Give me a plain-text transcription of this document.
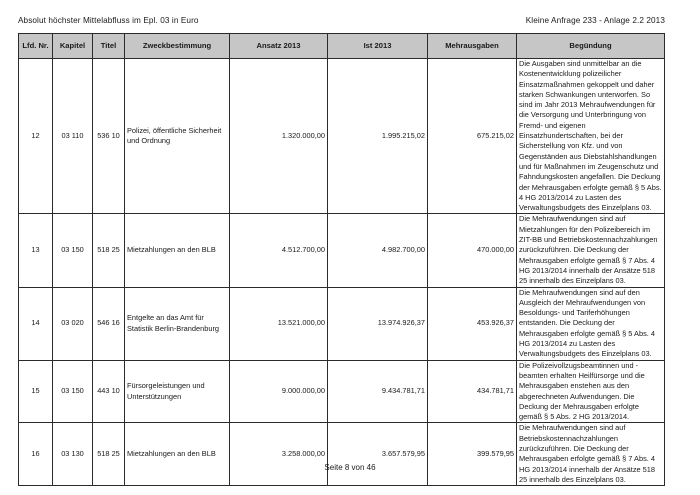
Absolut höchster Mittelabfluss im Epl. 03 in Euro	Kleine Anfrage 233 - Anlage 2.2 2013
Lfd. Nr.	Kapitel	Titel	Zweckbestimmung	Ansatz 2013	Ist 2013	Mehrausgaben	Begündung
12	03 110	536 10	Polizei, öffentliche Sicherheit und Ordnung	1.320.000,00	1.995.215,02	675.215,02	Die Ausgaben sind unmittelbar an die Kostenentwicklung polizeilicher Einsatzmaßnahmen gekoppelt und daher starken Schwankungen unterworfen. So sind im Jahr 2013 Mehraufwendungen für die Versorgung und Unterbringung von Fremd- und eigenen Einsatzhundertschaften, bei der Sicherstellung von Kfz. und von Gegenständen aus Diebstahlshandlungen und für Maßnahmen im Zeugenschutz und Fahndungskosten angefallen. Die Deckung der Mehrausgaben erfolgte gemäß § 5 Abs. 4 HG 2013/2014 zu Lasten des Verwaltungsbudgets des Einzelplans 03.
13	03 150	518 25	Mietzahlungen an den BLB	4.512.700,00	4.982.700,00	470.000,00	Die Mehraufwendungen sind auf Mietzahlungen für den Polizeibereich im ZIT-BB und Betriebskostennachzahlungen zurückzuführen. Die Deckung der Mehrausgaben erfolgte gemäß § 7 Abs. 4 HG 2013/2014 innerhalb der Ansätze 518 25 innerhalb des Einzelplans 03.
14	03 020	546 16	Entgelte an das Amt für Statistik Berlin-Brandenburg	13.521.000,00	13.974.926,37	453.926,37	Die Mehraufwendungen sind auf den Ausgleich der Mehraufwendungen von Besoldungs- und Tariferhöhungen entstanden. Die Deckung der Mehrausgaben erfolgte gemäß § 5 Abs. 4 HG 2013/2014 zu Lasten des Verwaltungsbudgets des Einzelplans 03.
15	03 150	443 10	Fürsorgeleistungen und Unterstützungen	9.000.000,00	9.434.781,71	434.781,71	Die Polizeivollzugsbeamtinnen und -beamten erhalten Heilfürsorge und die Mehrausgaben enstehen aus den abgerechneten Aufwendungen. Die Deckung der Mehrausgaben erfolgte gemäß § 5 Abs. 2 HG 2013/2014.
16	03 130	518 25	Mietzahlungen an den BLB	3.258.000,00	3.657.579,95	399.579,95	Die Mehraufwendungen sind auf Betriebskostennachzahlungen zurückzuführen. Die Deckung der Mehrausgaben erfolgte gemäß § 7 Abs. 4 HG 2013/2014 innerhalb der Ansätze 518 25 innerhalb des Einzelplans 03.
Seite 8 von 46
